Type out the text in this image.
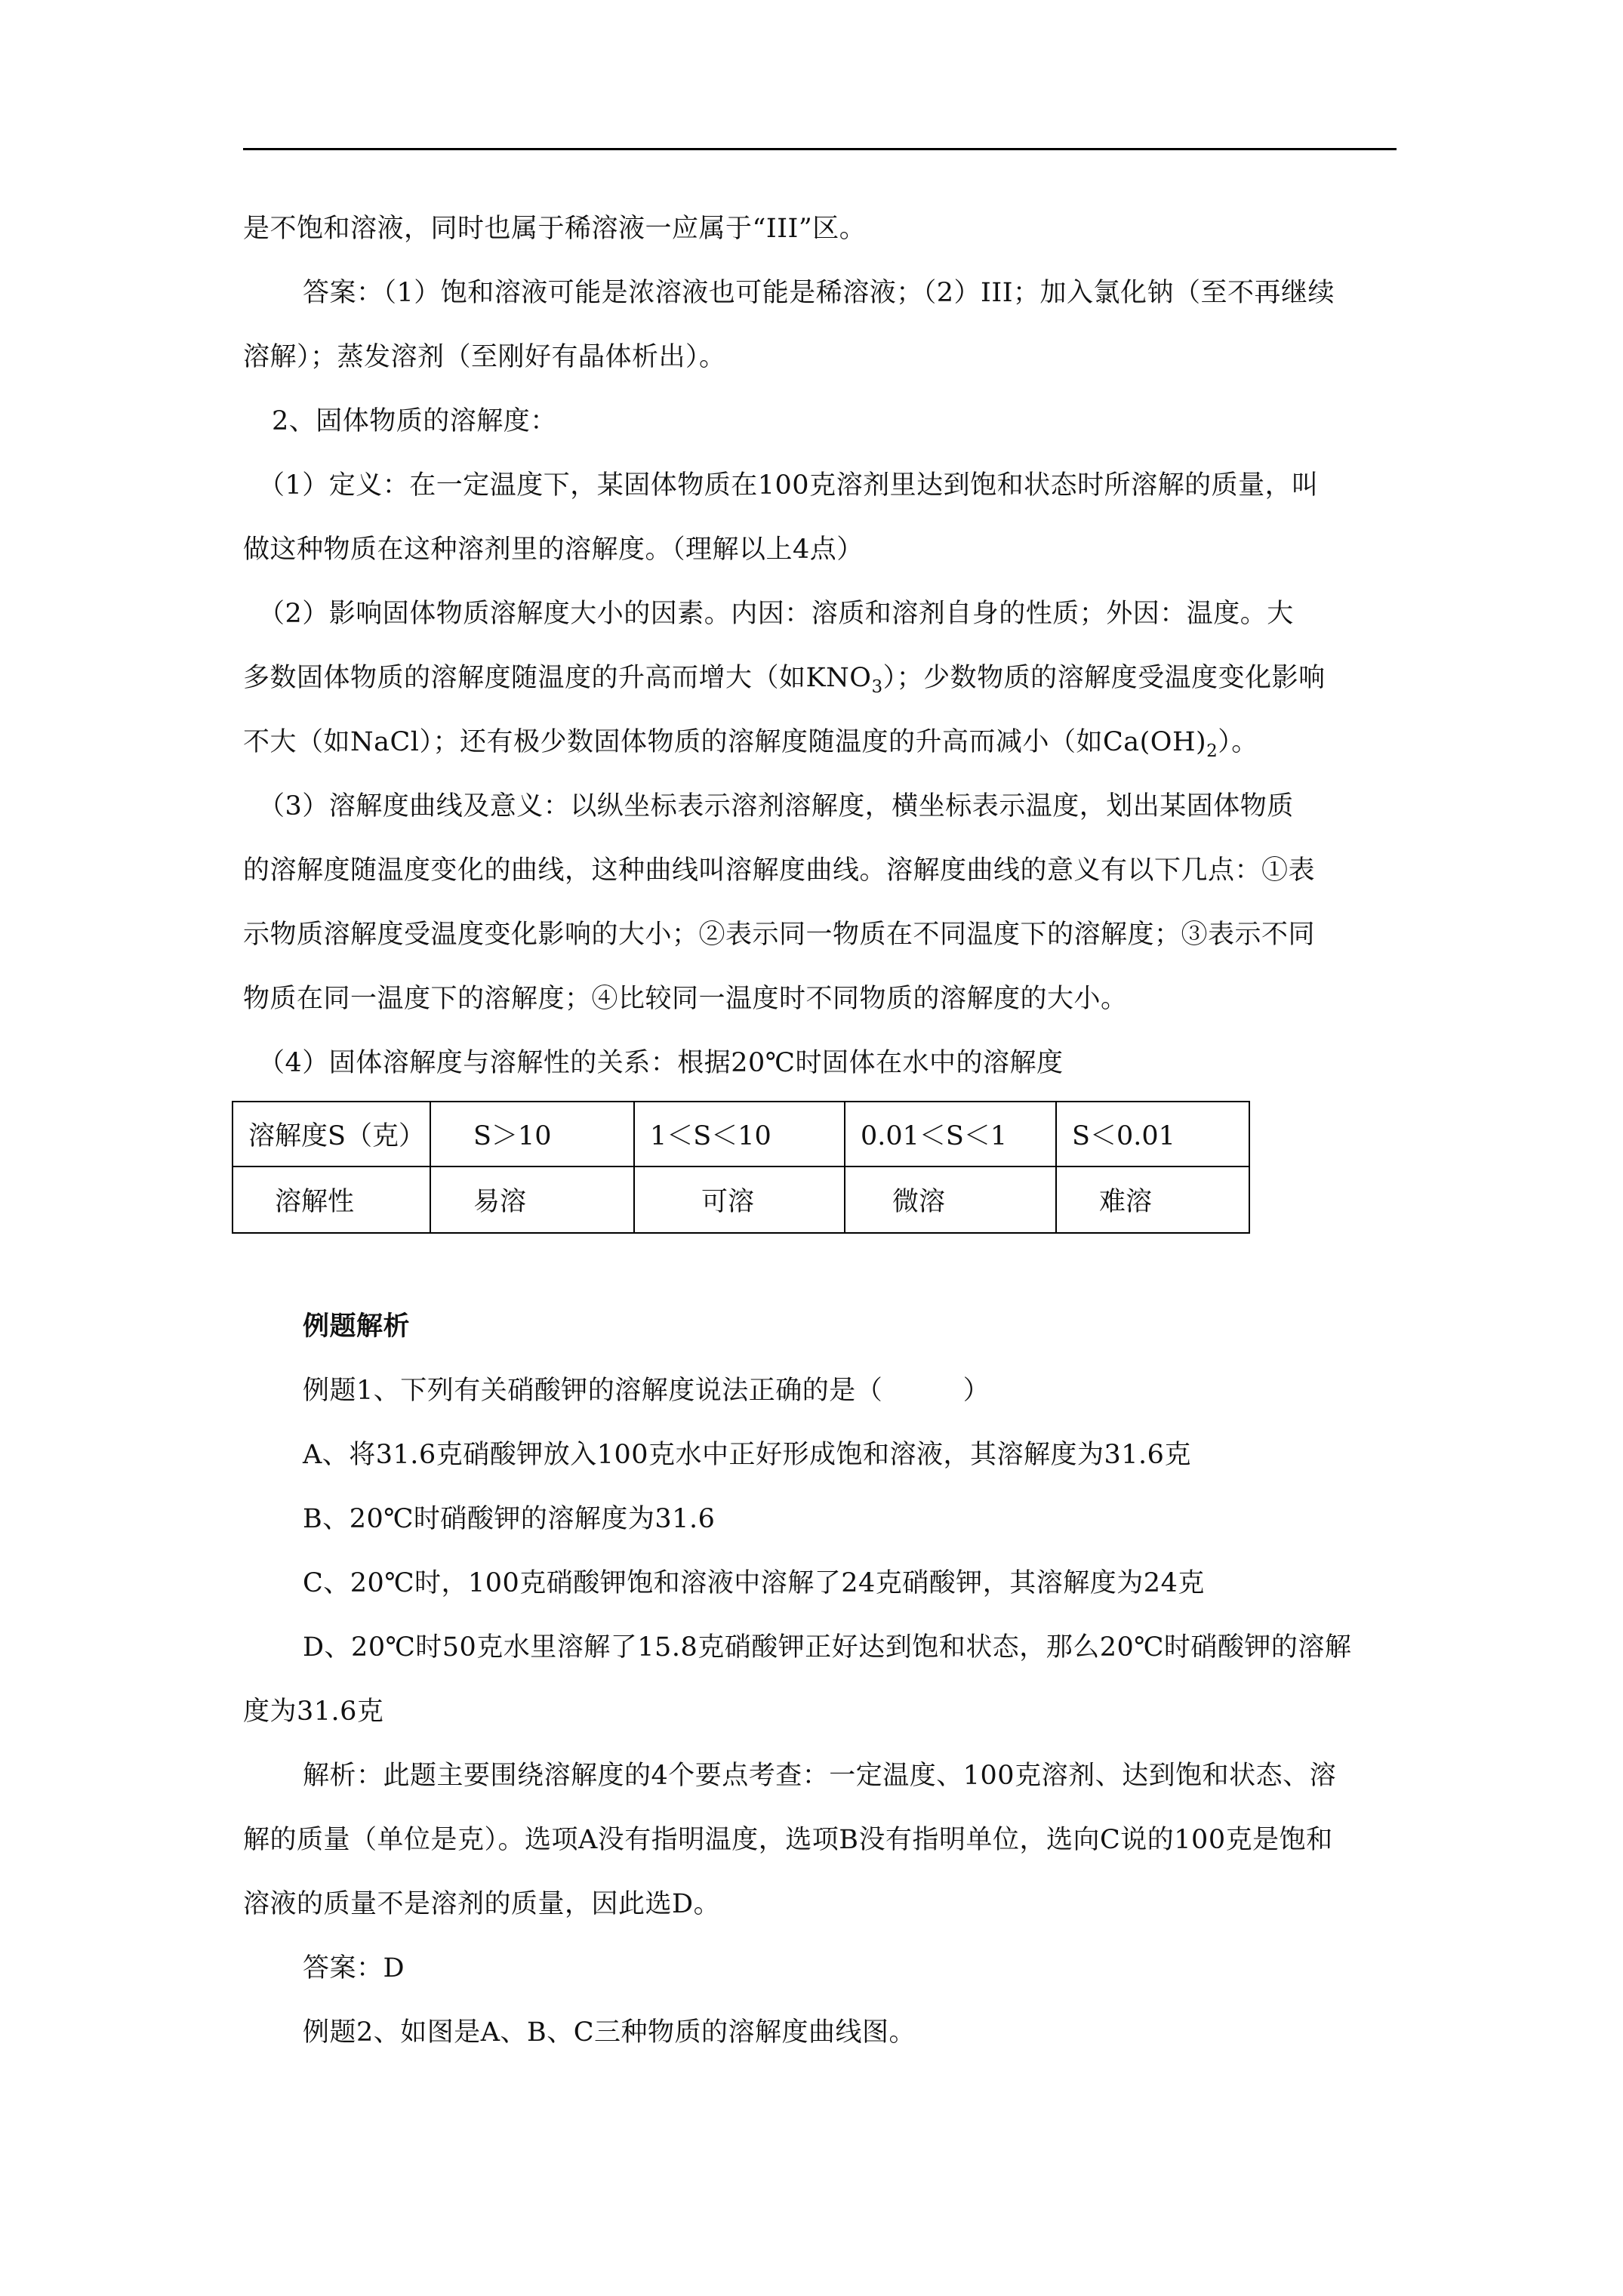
是不饱和溶液，同时也属于稀溶液一应属于“III”区。
答案：（1）饱和溶液可能是浓溶液也可能是稀溶液；（2）III；加入氯化钠（至不再继续
溶解）；蒸发溶剂（至刚好有晶体析出）。
2、固体物质的溶解度：
（1）定义：在一定温度下，某固体物质在100克溶剂里达到饱和状态时所溶解的质量，叫
做这种物质在这种溶剂里的溶解度。（理解以上4点）
（2）影响固体物质溶解度大小的因素。内因：溶质和溶剂自身的性质；外因：温度。大
多数固体物质的溶解度随温度的升高而增大（如$KNO_3$）；少数物质的溶解度受温度变化影响
不大（如NaCl）；还有极少数固体物质的溶解度随温度的升高而减小（如$Ca(OH)_2$）。
（3）溶解度曲线及意义：以纵坐标表示溶剂溶解度，横坐标表示温度，划出某固体物质
的溶解度随温度变化的曲线，这种曲线叫溶解度曲线。溶解度曲线的意义有以下几点：①表
示物质溶解度受温度变化影响的大小；②表示同一物质在不同温度下的溶解度；③表示不同
物质在同一温度下的溶解度；④比较同一温度时不同物质的溶解度的大小。
（4）固体溶解度与溶解性的关系：根据20℃时固体在水中的溶解度
溶解度S（克）	S＞10	1＜S＜10	0.01＜S＜1	S＜0.01
溶解性	易溶	可溶	微溶	难溶
例题解析
例题1、下列有关硝酸钾的溶解度说法正确的是（　　　）
A、将31.6克硝酸钾放入100克水中正好形成饱和溶液，其溶解度为31.6克
B、20℃时硝酸钾的溶解度为31.6
C、20℃时，100克硝酸钾饱和溶液中溶解了24克硝酸钾，其溶解度为24克
D、20℃时50克水里溶解了15.8克硝酸钾正好达到饱和状态，那么20℃时硝酸钾的溶解
度为31.6克
解析：此题主要围绕溶解度的4个要点考查：一定温度、100克溶剂、达到饱和状态、溶
解的质量（单位是克）。选项A没有指明温度，选项B没有指明单位，选向C说的100克是饱和
溶液的质量不是溶剂的质量，因此选D。
答案：D
例题2、如图是A、B、C三种物质的溶解度曲线图。
